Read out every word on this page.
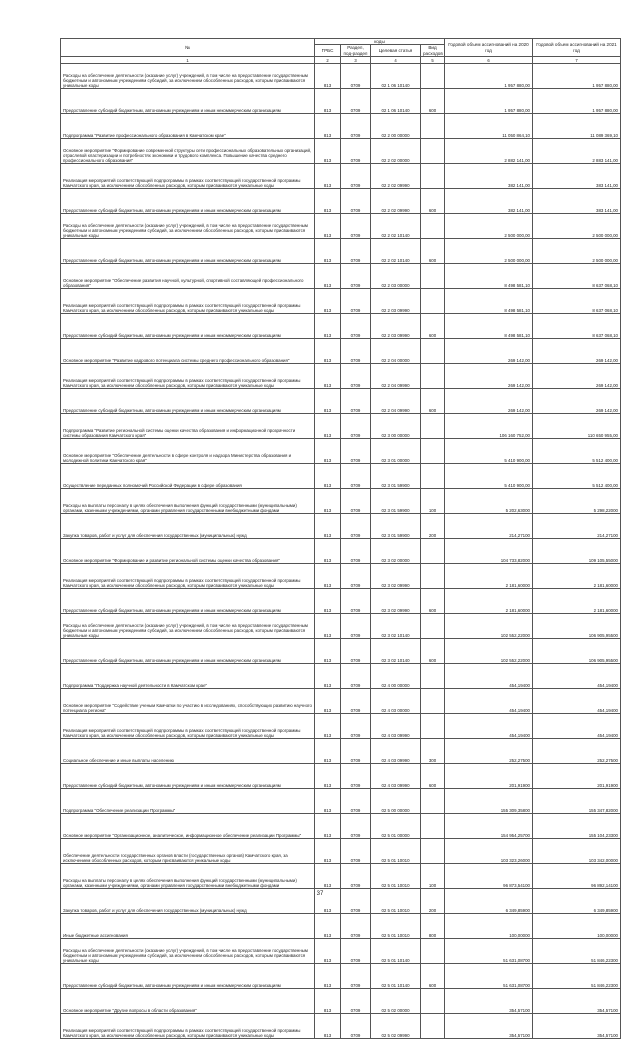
№	коды				Годовой объем ассигнований на 2020 год	Годовой объем ассигнований на 2021 год
	ГРБС	Раздел, под-раздел	Целевая статья	Вид расходов		

1	2	3	4	5	6	7
Расходы на обеспечение деятельности (оказание услуг) учреждений, в том числе на предоставление государственным бюджетным и автономным учреждениям субсидий, за исключением обособленных расходов, которым присваиваются уникальные коды	813	0709	02 1 06 10140		1 957 880,00	1 957 880,00
Предоставление субсидий бюджетным, автономным учреждениям и иным некоммерческим организациям	813	0709	02 1 06 10140	600	1 957 880,00	1 957 880,00
Подпрограмма "Развитие профессионального образования в Камчатском крае"	813	0709	02 2 00 00000		11 050 864,10	11 089 369,10
Основное мероприятие "Формирование современной структуры сети профессиональных образовательных организаций, отраслевой кластеризации и потребностях экономики и трудового комплекса. Повышение качества среднего профессионального образования"	813	0709	02 2 02 00000		2 882 141,00	2 883 141,00
Реализация мероприятий соответствующей подпрограммы в рамках соответствующей государственной программы Камчатского края, за исключением обособленных расходов, которым присваиваются уникальные коды	813	0709	02 2 02 09990		382 141,00	383 141,00
Предоставление субсидий бюджетным, автономным учреждениям и иным некоммерческим организациям	813	0709	02 2 02 09990	600	382 141,00	383 141,00
Расходы на обеспечение деятельности (оказание услуг) учреждений, в том числе на предоставление государственным бюджетным и автономным учреждениям субсидий, за исключением обособленных расходов, которым присваиваются уникальные коды	813	0709	02 2 02 10140		2 500 000,00	2 500 000,00
Предоставление субсидий бюджетным, автономным учреждениям и иным некоммерческим организациям	813	0709	02 2 02 10140	600	2 500 000,00	2 500 000,00
Основное мероприятие "Обеспечение развития научной, культурной, спортивной составляющей профессионального образования"	813	0709	02 2 03 00000		8 498 581,10	8 637 068,10
Реализация мероприятий соответствующей подпрограммы в рамках соответствующей государственной программы Камчатского края, за исключением обособленных расходов, которым присваиваются уникальные коды	813	0709	02 2 03 09990		8 498 581,10	8 637 068,10
Предоставление субсидий бюджетным, автономным учреждениям и иным некоммерческим организациям	813	0709	02 2 03 09990	600	8 498 581,10	8 637 068,10
Основное мероприятие "Развитие кадрового потенциала системы среднего профессионального образования"	813	0709	02 2 04 00000		269 142,00	269 142,00
Реализация мероприятий соответствующей подпрограммы в рамках соответствующей государственной программы Камчатского края, за исключением обособленных расходов, которым присваиваются уникальные коды	813	0709	02 2 04 09990		269 142,00	269 142,00
Предоставление субсидий бюджетным, автономным учреждениям и иным некоммерческим организациям	813	0709	02 2 04 09990	600	269 142,00	269 142,00
Подпрограмма "Развитие региональной системы оценки качества образования и информационной прозрачности системы образования Камчатского края"	813	0709	02 3 00 00000		106 160 752,00	110 650 955,00
Основное мероприятие "Обеспечение деятельности в сфере контроля и надзора Министерства образования и молодежной политики Камчатского края"	813	0709	02 3 01 00000		5 410 900,00	5 512 400,00
Осуществление переданных полномочий Российской Федерации в сфере образования	813	0709	02 3 01 59900		5 410 900,00	5 512 400,00
Расходы на выплаты персоналу в целях обеспечения выполнения функций государственными (муниципальными) органами, казенными учреждениями, органами управления государственными внебюджетными фондами	813	0709	02 3 01 59900	100	5 202,63000	5 298,22000
Закупка товаров, работ и услуг для обеспечения государственных (муниципальных) нужд	813	0709	02 3 01 59900	200	214,27100	214,27100
Основное мероприятие "Формирование и развитие региональной системы оценки качества образования"	813	0709	02 3 02 00000		104 733,82000	109 105,55000
Реализация мероприятий соответствующей подпрограммы в рамках соответствующей государственной программы Камчатского края, за исключением обособленных расходов, которым присваиваются уникальные коды	813	0709	02 3 02 09990		2 181,60000	2 181,60000
Предоставление субсидий бюджетным, автономным учреждениям и иным некоммерческим организациям	813	0709	02 3 02 09990	600	2 181,60000	2 181,60000
Расходы на обеспечение деятельности (оказание услуг) учреждений, в том числе на предоставление государственным бюджетным и автономным учреждениям субсидий, за исключением обособленных расходов, которым присваиваются уникальные коды	813	0709	02 3 02 10140		102 552,22000	106 905,95500
Предоставление субсидий бюджетным, автономным учреждениям и иным некоммерческим организациям	813	0709	02 3 02 10140	600	102 552,22000	106 905,95500
Подпрограмма "Поддержка научной деятельности в Камчатском крае"	813	0709	02 4 00 00000		454,19400	454,19400
Основное мероприятие "Содействие ученым Камчатки по участию в исследованиях, способствующих развитию научного потенциала региона"	813	0709	02 4 03 00000		454,19400	454,19400
Реализация мероприятий соответствующей подпрограммы в рамках соответствующей государственной программы Камчатского края, за исключением обособленных расходов, которым присваиваются уникальные коды	813	0709	02 4 03 09990		454,19400	454,19400
Социальное обеспечение и иные выплаты населению	813	0709	02 4 03 09990	300	252,27500	252,27500
Предоставление субсидий бюджетным, автономным учреждениям и иным некоммерческим организациям	813	0709	02 4 03 09990	600	201,91900	201,91900
Подпрограмма "Обеспечение реализации Программы"	813	0709	02 5 00 00000		155 309,35800	155 347,82000
Основное мероприятие "Организационное, аналитическое, информационное обеспечение реализации Программы"	813	0709	02 5 01 00000		154 954,25700	155 104,23300
Обеспечение деятельности государственных органов власти (государственных органов) Камчатского края, за исключением обособленных расходов, которым присваиваются уникальные коды	813	0709	02 5 01 10010		103 323,26000	103 342,00000
Расходы на выплаты персоналу в целях обеспечения выполнения функций государственными (муниципальными) органами, казенными учреждениями, органами управления государственными внебюджетными фондами	813	0709	02 5 01 10010	100	96 873,54100	96 892,14100
Закупка товаров, работ и услуг для обеспечения государственных (муниципальных) нужд	813	0709	02 5 01 10010	200	6 349,85900	6 349,85900
Иные бюджетные ассигнования	813	0709	02 5 01 10010	800	100,00000	100,00000
Расходы на обеспечение деятельности (оказание услуг) учреждений, в том числе на предоставление государственным бюджетным и автономным учреждениям субсидий, за исключением обособленных расходов, которым присваиваются уникальные коды	813	0709	02 5 01 10140		51 631,08700	51 846,22300
Предоставление субсидий бюджетным, автономным учреждениям и иным некоммерческим организациям	813	0709	02 5 01 10140	600	51 631,08700	51 846,22300
Основное мероприятие "Другие вопросы в области образования"	813	0709	02 5 02 00000		354,57100	354,57100
Реализация мероприятий соответствующей подпрограммы в рамках соответствующей государственной программы Камчатского края, за исключением обособленных расходов, которым присваиваются уникальные коды	813	0709	02 5 02 09990		354,57100	354,57100
37
